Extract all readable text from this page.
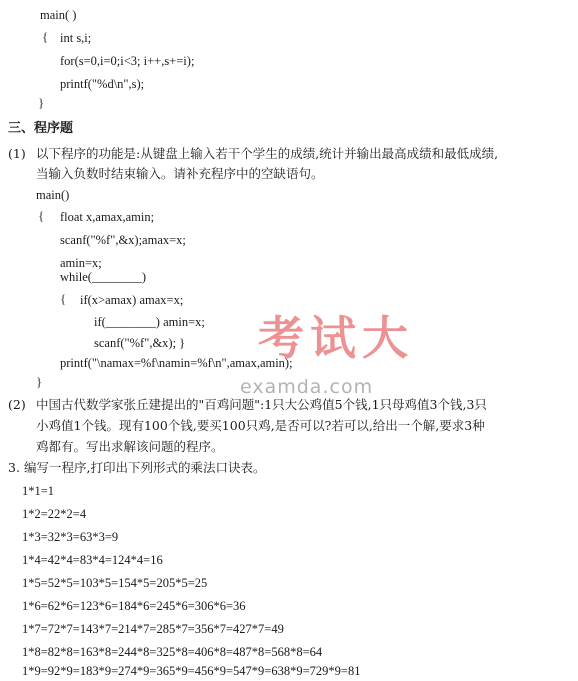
main( )
{ int s,i;
for(s=0,i=0;i<3; i++,s+=i);
printf("%d\n",s);
}
三、程序题
(1) 以下程序的功能是:从键盘上输入若干个学生的成绩,统计并输出最高成绩和最低成绩,
当输入负数时结束输入。请补充程序中的空缺语句。
main()
{ float x,amax,amin;
scanf("%f",&x);amax=x;
amin=x;
while(________)
{ if(x>amax) amax=x;
if(________) amin=x;
scanf("%f",&x); }
printf("\namax=%f\namin=%f\n",amax,amin);
}
(2) 中国古代数学家张丘建提出的"百鸡问题":1只大公鸡值5个钱,1只母鸡值3个钱,3只
小鸡值1个钱。现有100个钱,要买100只鸡,是否可以?若可以,给出一个解,要求3种
鸡都有。写出求解该问题的程序。
3. 编写一程序,打印出下列形式的乘法口诀表。
1*1=1
1*2=22*2=4
1*3=32*3=63*3=9
1*4=42*4=83*4=124*4=16
1*5=52*5=103*5=154*5=205*5=25
1*6=62*6=123*6=184*6=245*6=306*6=36
1*7=72*7=143*7=214*7=285*7=356*7=427*7=49
1*8=82*8=163*8=244*8=325*8=406*8=487*8=568*8=64
1*9=92*9=183*9=274*9=365*9=456*9=547*9=638*9=729*9=81
考试大
examda.com
